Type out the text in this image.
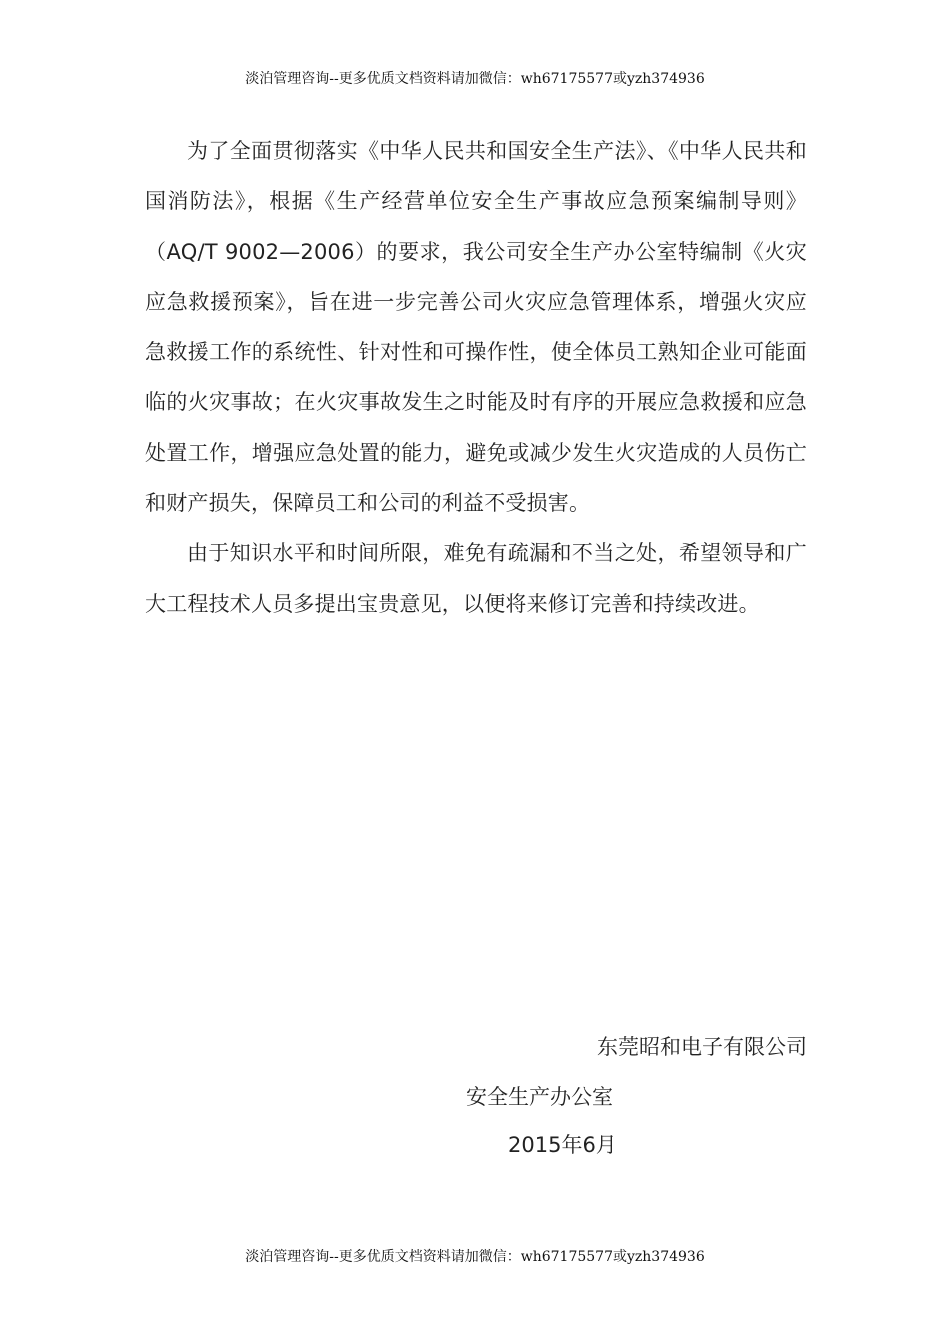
淡泊管理咨询--更多优质文档资料请加微信：wh67175577或yzh374936

为了全面贯彻落实《中华人民共和国安全生产法》、《中华人民共和国消防法》，根据《生产经营单位安全生产事故应急预案编制导则》（AQ/T 9002—2006）的要求，我公司安全生产办公室特编制《火灾应急救援预案》，旨在进一步完善公司火灾应急管理体系，增强火灾应急救援工作的系统性、针对性和可操作性，使全体员工熟知企业可能面临的火灾事故；在火灾事故发生之时能及时有序的开展应急救援和应急处置工作，增强应急处置的能力，避免或减少发生火灾造成的人员伤亡和财产损失，保障员工和公司的利益不受损害。

由于知识水平和时间所限，难免有疏漏和不当之处，希望领导和广大工程技术人员多提出宝贵意见，以便将来修订完善和持续改进。

东莞昭和电子有限公司
安全生产办公室
2015年6月
淡泊管理咨询--更多优质文档资料请加微信：wh67175577或yzh374936
